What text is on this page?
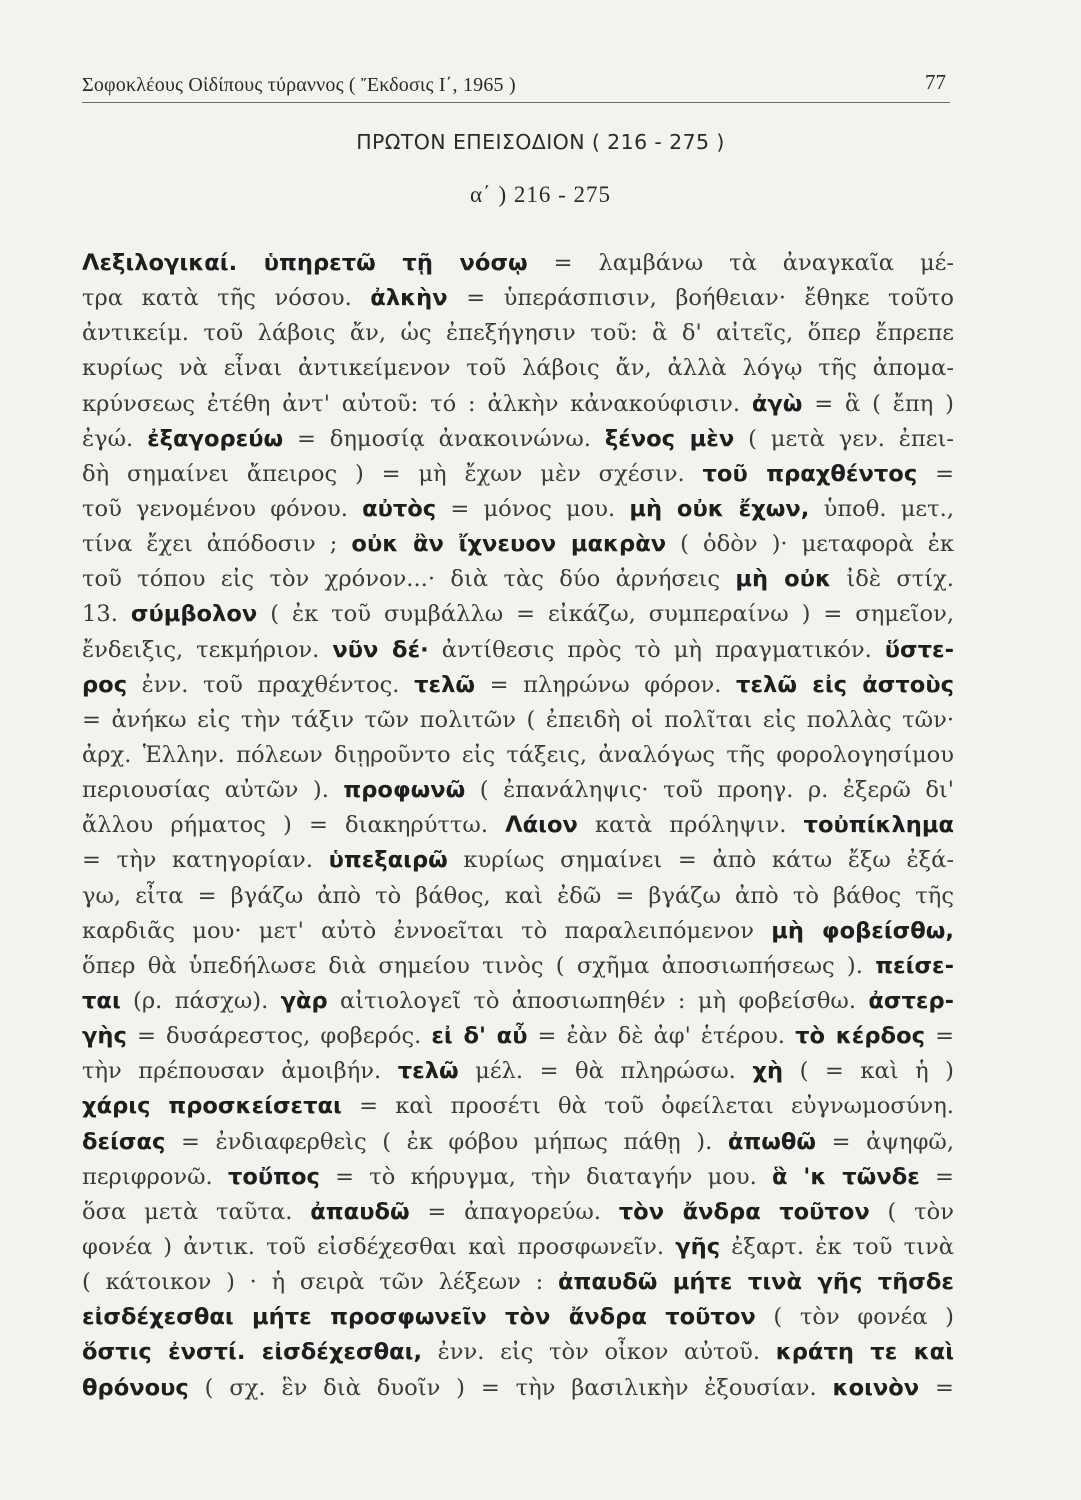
Σοφοκλέους Οἰδίπους τύραννος ( Ἔκδοσις Ι΄, 1965 )	77
ΠΡΩΤΟΝ ΕΠΕΙΣΟΔΙΟΝ ( 216 - 275 )
α΄ ) 216 - 275
Λεξιλογικαί. ὑπηρετῶ τῇ νόσῳ = λαμβάνω τὰ ἀναγκαῖα μέ-
τρα κατὰ τῆς νόσου. ἀλκὴν = ὑπεράσπισιν, βοήθειαν· ἔθηκε τοῦτο
ἀντικείμ. τοῦ λάβοις ἄν, ὡς ἐπεξήγησιν τοῦ: ἃ δ' αἰτεῖς, ὅπερ ἔπρεπε
κυρίως νὰ εἶναι ἀντικείμενον τοῦ λάβοις ἄν, ἀλλὰ λόγῳ τῆς ἀπομα-
κρύνσεως ἐτέθη ἀντ' αὐτοῦ: τό : ἀλκὴν κἀνακούφισιν. ἀγὼ = ἃ ( ἔπη )
ἐγώ. ἐξαγορεύω = δημοσίᾳ ἀνακοινώνω. ξένος μὲν ( μετὰ γεν. ἐπει-
δὴ σημαίνει ἄπειρος ) = μὴ ἔχων μὲν σχέσιν. τοῦ πραχθέντος =
τοῦ γενομένου φόνου. αὐτὸς = μόνος μου. μὴ οὐκ ἔχων, ὑποθ. μετ.,
τίνα ἔχει ἀπόδοσιν ; οὐκ ἂν ἴχνευον μακρὰν ( ὁδὸν )· μεταφορὰ ἐκ
τοῦ τόπου εἰς τὸν χρόνον...· διὰ τὰς δύο ἀρνήσεις μὴ οὐκ ἰδὲ στίχ.
13. σύμβολον ( ἐκ τοῦ συμβάλλω = εἰκάζω, συμπεραίνω ) = σημεῖον,
ἔνδειξις, τεκμήριον. νῦν δέ· ἀντίθεσις πρὸς τὸ μὴ πραγματικόν. ὕστε-
ρος ἐνν. τοῦ πραχθέντος. τελῶ = πληρώνω φόρον. τελῶ εἰς ἀστοὺς
= ἀνήκω εἰς τὴν τάξιν τῶν πολιτῶν ( ἐπειδὴ οἱ πολῖται εἰς πολλὰς τῶν·
ἀρχ. Ἑλλην. πόλεων διῃροῦντο εἰς τάξεις, ἀναλόγως τῆς φορολογησίμου
περιουσίας αὐτῶν ). προφωνῶ ( ἐπανάληψις· τοῦ προηγ. ρ. ἐξερῶ δι'
ἄλλου ρήματος ) = διακηρύττω. Λάιον κατὰ πρόληψιν. τοὐπίκλημα
= τὴν κατηγορίαν. ὑπεξαιρῶ κυρίως σημαίνει = ἀπὸ κάτω ἔξω ἐξά-
γω, εἶτα = βγάζω ἀπὸ τὸ βάθος, καὶ ἐδῶ = βγάζω ἀπὸ τὸ βάθος τῆς
καρδιᾶς μου· μετ' αὐτὸ ἐννοεῖται τὸ παραλειπόμενον μὴ φοβείσθω,
ὅπερ θὰ ὑπεδήλωσε διὰ σημείου τινὸς ( σχῆμα ἀποσιωπήσεως ). πείσε-
ται (ρ. πάσχω). γὰρ αἰτιολογεῖ τὸ ἀποσιωπηθέν : μὴ φοβείσθω. ἀστερ-
γὴς = δυσάρεστος, φοβερός. εἰ δ' αὖ = ἐὰν δὲ ἀφ' ἑτέρου. τὸ κέρδος =
τὴν πρέπουσαν ἀμοιβήν. τελῶ μέλ. = θὰ πληρώσω. χὴ ( = καὶ ἡ )
χάρις προσκείσεται = καὶ προσέτι θὰ τοῦ ὀφείλεται εὐγνωμοσύνη.
δείσας = ἐνδιαφερθεὶς ( ἐκ φόβου μήπως πάθῃ ). ἀπωθῶ = ἀψηφῶ,
περιφρονῶ. τοὔπος = τὸ κήρυγμα, τὴν διαταγήν μου. ἃ 'κ τῶνδε =
ὅσα μετὰ ταῦτα. ἀπαυδῶ = ἀπαγορεύω. τὸν ἄνδρα τοῦτον ( τὸν
φονέα ) ἀντικ. τοῦ εἰσδέχεσθαι καὶ προσφωνεῖν. γῆς ἐξαρτ. ἐκ τοῦ τινὰ
( κάτοικον ) · ἡ σειρὰ τῶν λέξεων : ἀπαυδῶ μήτε τινὰ γῆς τῆσδε
εἰσδέχεσθαι μήτε προσφωνεῖν τὸν ἄνδρα τοῦτον ( τὸν φονέα )
ὅστις ἐνστί. εἰσδέχεσθαι, ἐνν. εἰς τὸν οἶκον αὐτοῦ. κράτη τε καὶ
θρόνους ( σχ. ἓν διὰ δυοῖν ) = τὴν βασιλικὴν ἐξουσίαν. κοινὸν =
